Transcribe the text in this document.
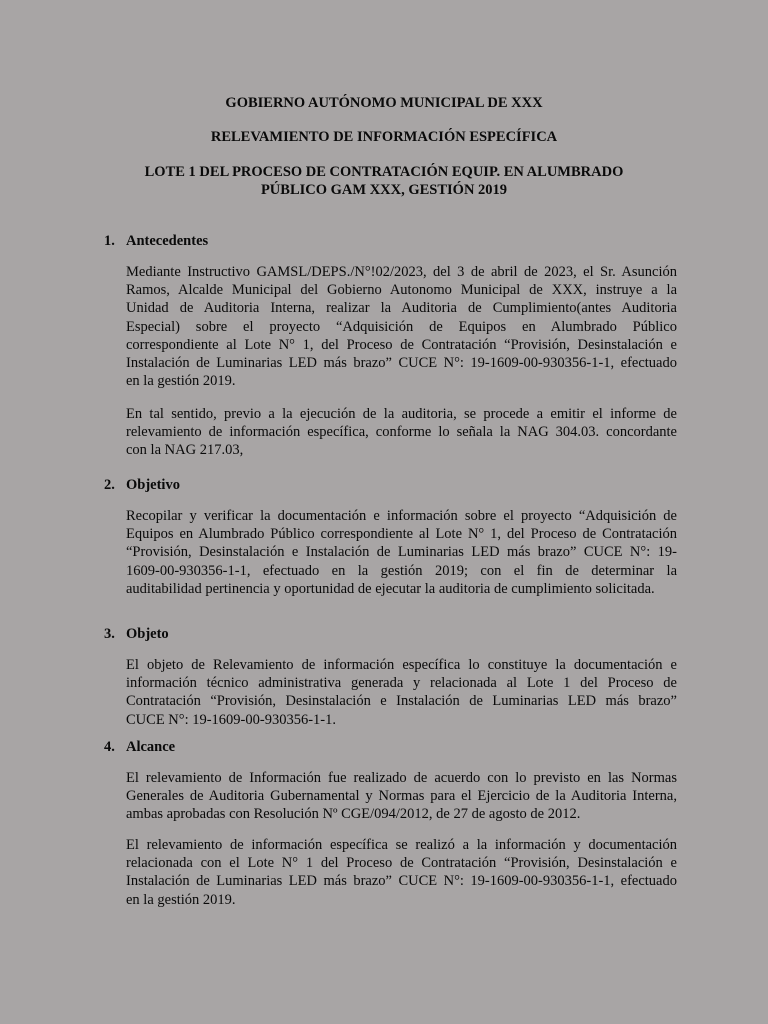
GOBIERNO AUTÓNOMO MUNICIPAL DE XXX

RELEVAMIENTO DE INFORMACIÓN ESPECÍFICA

LOTE 1 DEL PROCESO DE CONTRATACIÓN EQUIP. EN ALUMBRADO
PÚBLICO GAM XXX, GESTIÓN 2019

1. Antecedentes

Mediante Instructivo GAMSL/DEPS./N°!02/2023, del 3 de abril de 2023, el Sr. Asunción
Ramos, Alcalde Municipal del Gobierno Autonomo Municipal de XXX, instruye a la
Unidad de Auditoria Interna, realizar la Auditoria de Cumplimiento(antes Auditoria
Especial) sobre el proyecto “Adquisición de Equipos en Alumbrado Público
correspondiente al Lote N° 1, del Proceso de Contratación “Provisión, Desinstalación e
Instalación de Luminarias LED más brazo” CUCE N°: 19-1609-00-930356-1-1, efectuado
en la gestión 2019.
En tal sentido, previo a la ejecución de la auditoria, se procede a emitir el informe de
relevamiento de información específica, conforme lo señala la NAG 304.03. concordante
con la NAG 217.03,

2. Objetivo

Recopilar y verificar la documentación e información sobre el proyecto “Adquisición de
Equipos en Alumbrado Público correspondiente al Lote N° 1, del Proceso de Contratación
“Provisión, Desinstalación e Instalación de Luminarias LED más brazo” CUCE N°: 19-
1609-00-930356-1-1, efectuado en la gestión 2019; con el fin de determinar la
auditabilidad pertinencia y oportunidad de ejecutar la auditoria de cumplimiento solicitada.

3. Objeto

El objeto de Relevamiento de información específica lo constituye la documentación e
información técnico administrativa generada y relacionada al Lote 1 del Proceso de
Contratación “Provisión, Desinstalación e Instalación de Luminarias LED más brazo”
CUCE N°: 19-1609-00-930356-1-1.

4. Alcance

El relevamiento de Información fue realizado de acuerdo con lo previsto en las Normas
Generales de Auditoria Gubernamental y Normas para el Ejercicio de la Auditoria Interna,
ambas aprobadas con Resolución Nº CGE/094/2012, de 27 de agosto de 2012.
El relevamiento de información específica se realizó a la información y documentación
relacionada con el Lote N° 1 del Proceso de Contratación “Provisión, Desinstalación e
Instalación de Luminarias LED más brazo” CUCE N°: 19-1609-00-930356-1-1, efectuado
en la gestión 2019.
